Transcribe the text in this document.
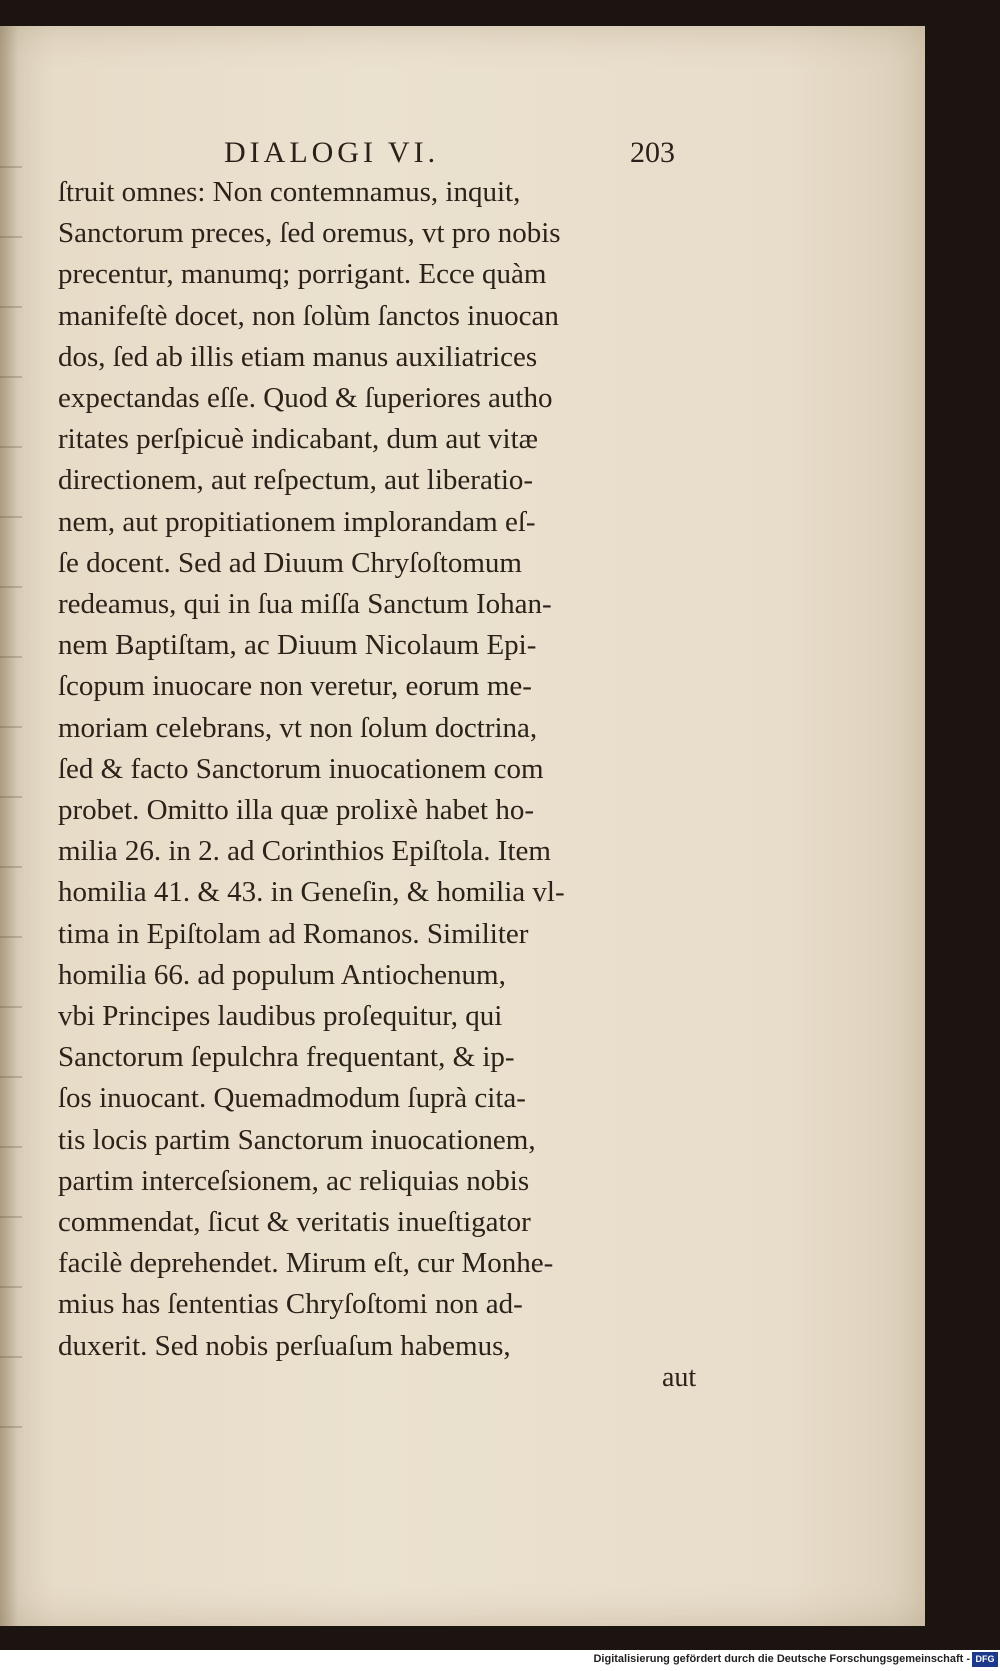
DIALOGI VI.	203
ſtruit omnes: Non contemnamus, inquit,
Sanctorum preces, ſed oremus, vt pro nobis
precentur, manumq; porrigant. Ecce quàm
manifeſtè docet, non ſolùm ſanctos inuocan
dos, ſed ab illis etiam manus auxiliatrices
expectandas eſſe. Quod & ſuperiores autho
ritates perſpicuè indicabant, dum aut vitæ
directionem, aut reſpectum, aut liberatio-
nem, aut propitiationem implorandam eſ-
ſe docent. Sed ad Diuum Chryſoſtomum
redeamus, qui in ſua miſſa Sanctum Iohan-
nem Baptiſtam, ac Diuum Nicolaum Epi-
ſcopum inuocare non veretur, eorum me-
moriam celebrans, vt non ſolum doctrina,
ſed & facto Sanctorum inuocationem com
probet. Omitto illa quæ prolixè habet ho-
milia 26. in 2. ad Corinthios Epiſtola. Item
homilia 41. & 43. in Geneſin, & homilia vl-
tima in Epiſtolam ad Romanos. Similiter
homilia 66. ad populum Antiochenum,
vbi Principes laudibus proſequitur, qui
Sanctorum ſepulchra frequentant, & ip-
ſos inuocant. Quemadmodum ſuprà cita-
tis locis partim Sanctorum inuocationem,
partim interceſsionem, ac reliquias nobis
commendat, ſicut & veritatis inueſtigator
facilè deprehendet. Mirum eſt, cur Monhe-
mius has ſententias Chryſoſtomi non ad-
duxerit. Sed nobis perſuaſum habemus,
aut
Digitalisierung gefördert durch die Deutsche Forschungsgemeinschaft - DFG
